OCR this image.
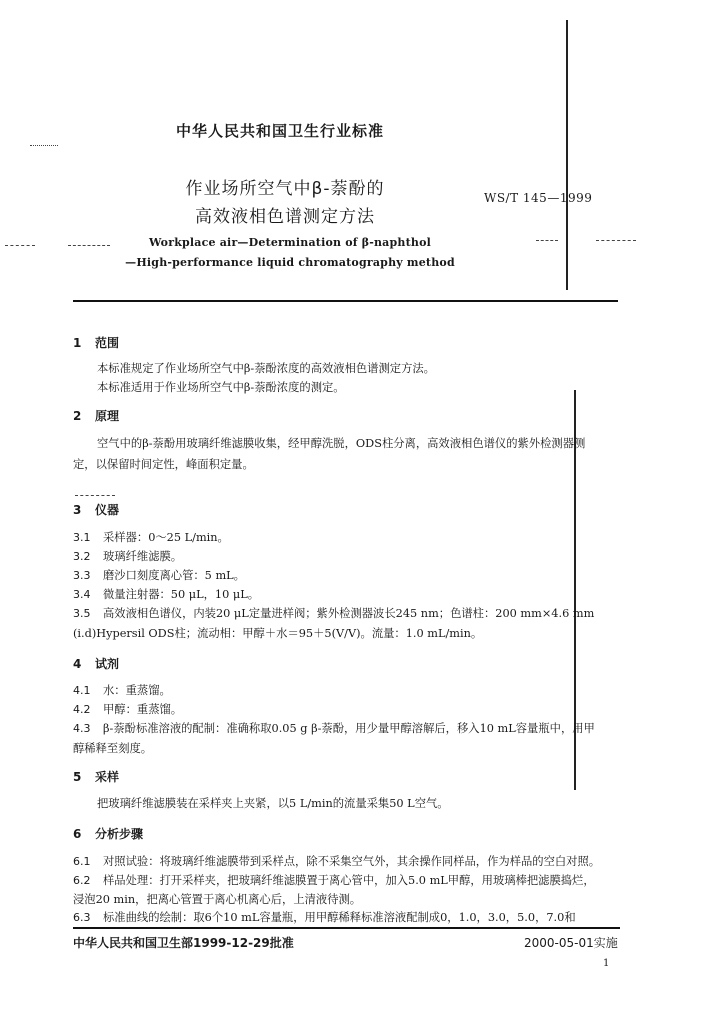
中华人民共和国卫生行业标准
作业场所空气中β-萘酚的
高效液相色谱测定方法
WS/T 145—1999
Workplace air—Determination of β-naphthol
—High-performance liquid chromatography method
1 范围
本标准规定了作业场所空气中β-萘酚浓度的高效液相色谱测定方法。
本标准适用于作业场所空气中β-萘酚浓度的测定。
2 原理
空气中的β-萘酚用玻璃纤维滤膜收集，经甲醇洗脱，ODS柱分离，高效液相色谱仪的紫外检测器测
定，以保留时间定性，峰面积定量。
3 仪器
3.1 采样器：0～25 L/min。
3.2 玻璃纤维滤膜。
3.3 磨沙口刻度离心管：5 mL。
3.4 微量注射器：50 μL，10 μL。
3.5 高效液相色谱仪，内装20 μL定量进样阀；紫外检测器波长245 nm；色谱柱：200 mm×4.6 mm
(i.d)Hypersil ODS柱；流动相：甲醇＋水＝95＋5(V/V)。流量：1.0 mL/min。
4 试剂
4.1 水：重蒸馏。
4.2 甲醇：重蒸馏。
4.3 β-萘酚标准溶液的配制：准确称取0.05 g β-萘酚，用少量甲醇溶解后，移入10 mL容量瓶中，用甲
醇稀释至刻度。
5 采样
把玻璃纤维滤膜装在采样夹上夹紧，以5 L/min的流量采集50 L空气。
6 分析步骤
6.1 对照试验：将玻璃纤维滤膜带到采样点，除不采集空气外，其余操作同样品，作为样品的空白对照。
6.2 样品处理：打开采样夹，把玻璃纤维滤膜置于离心管中，加入5.0 mL甲醇，用玻璃棒把滤膜捣烂，
浸泡20 min，把离心管置于离心机离心后，上清液待测。
6.3 标准曲线的绘制：取6个10 mL容量瓶，用甲醇稀释标准溶液配制成0，1.0，3.0，5.0，7.0和
中华人民共和国卫生部1999-12-29批准	2000-05-01实施
1
